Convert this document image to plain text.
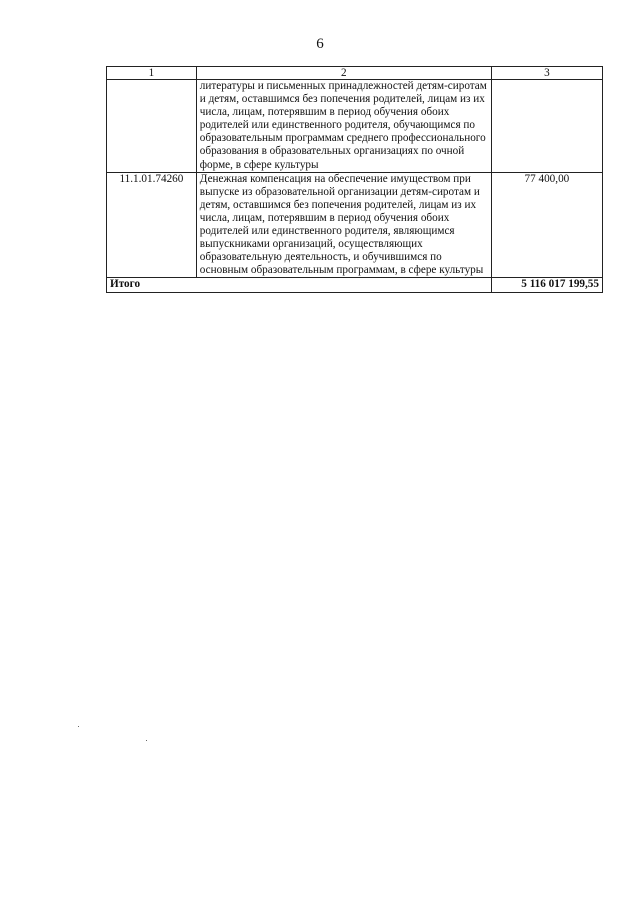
6
1	2	3

	литературы и письменных принадлежностей детям-сиротам и детям, оставшимся без попечения родителей, лицам из их числа, лицам, потерявшим в период обучения обоих родителей или единственного родителя, обучающимся по образовательным программам среднего профессионального образования в образовательных организациях по очной форме, в сфере культуры	

11.1.01.74260	Денежная компенсация на обеспечение имуществом при выпуске из образовательной организации детям-сиротам и детям, оставшимся без попечения родителей, лицам из их числа, лицам, потерявшим в период обучения обоих родителей или единственного родителя, являющимся выпускниками организаций, осуществляющих образовательную деятельность, и обучившимся по основным образовательным программам, в сфере культуры	77 400,00
Итого		5 116 017 199,55
